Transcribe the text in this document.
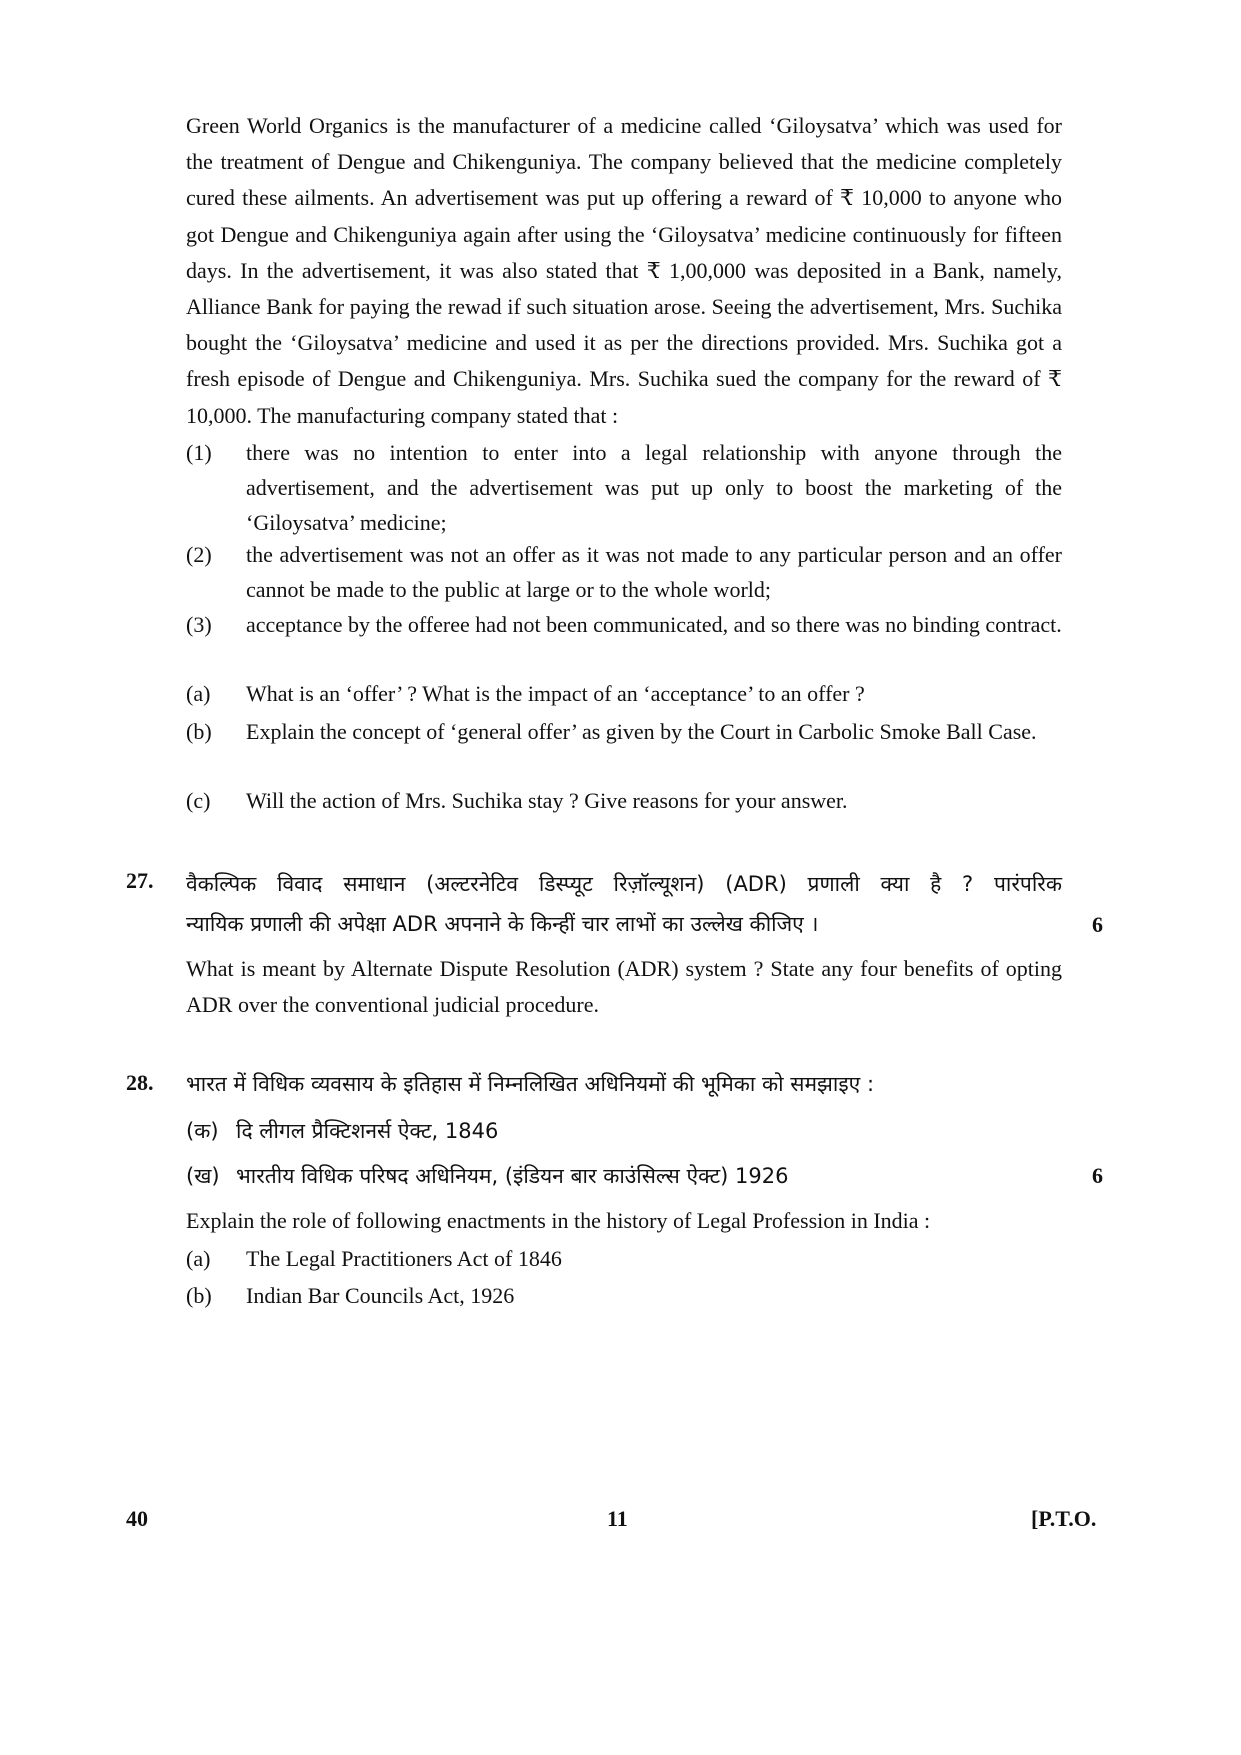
Green World Organics is the manufacturer of a medicine called ‘Giloysatva’ which was used for the treatment of Dengue and Chikenguniya. The company believed that the medicine completely cured these ailments. An advertisement was put up offering a reward of ₹ 10,000 to anyone who got Dengue and Chikenguniya again after using the ‘Giloysatva’ medicine continuously for fifteen days. In the advertisement, it was also stated that ₹ 1,00,000 was deposited in a Bank, namely, Alliance Bank for paying the rewad if such situation arose. Seeing the advertisement, Mrs. Suchika bought the ‘Giloysatva’ medicine and used it as per the directions provided. Mrs. Suchika got a fresh episode of Dengue and Chikenguniya. Mrs. Suchika sued the company for the reward of ₹ 10,000. The manufacturing company stated that :

(1) there was no intention to enter into a legal relationship with anyone through the advertisement, and the advertisement was put up only to boost the marketing of the ‘Giloysatva’ medicine;
(2) the advertisement was not an offer as it was not made to any particular person and an offer cannot be made to the public at large or to the whole world;
(3) acceptance by the offeree had not been communicated, and so there was no binding contract.
(a) What is an ‘offer’ ? What is the impact of an ‘acceptance’ to an offer ?
(b) Explain the concept of ‘general offer’ as given by the Court in Carbolic Smoke Ball Case.
(c) Will the action of Mrs. Suchika stay ? Give reasons for your answer.
27. वैकल्पिक विवाद समाधान (अल्टरनेटिव डिस्प्यूट रिज़ॉल्यूशन) (ADR) प्रणाली क्या है ? पारंपरिक

न्यायिक प्रणाली की अपेक्षा ADR अपनाने के किन्हीं चार लाभों का उल्लेख कीजिए ।	6

What is meant by Alternate Dispute Resolution (ADR) system ? State any four benefits of opting ADR over the conventional judicial procedure.

28. भारत में विधिक व्यवसाय के इतिहास में निम्नलिखित अधिनियमों की भूमिका को समझाइए :

(क) दि लीगल प्रैक्टिशनर्स ऐक्ट, 1846
(ख) भारतीय विधिक परिषद अधिनियम, (इंडियन बार काउंसिल्स ऐक्ट) 1926	6

Explain the role of following enactments in the history of Legal Profession in India :

(a) The Legal Practitioners Act of 1846
(b) Indian Bar Councils Act, 1926
40	11	[P.T.O.
